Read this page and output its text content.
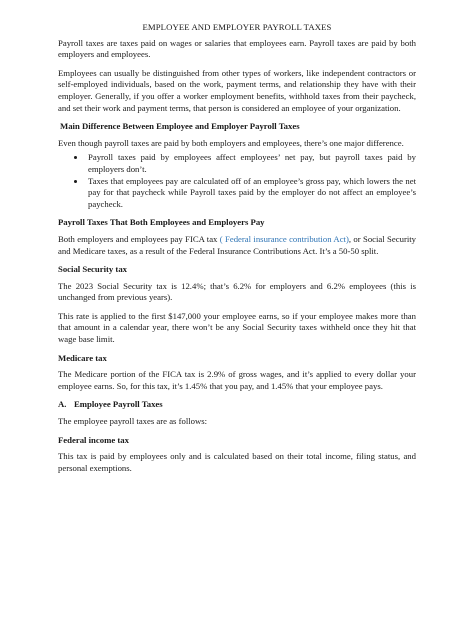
EMPLOYEE AND EMPLOYER PAYROLL TAXES

Payroll taxes are taxes paid on wages or salaries that employees earn. Payroll taxes are paid by both employers and employees.

Employees can usually be distinguished from other types of workers, like independent contractors or self-employed individuals, based on the work, payment terms, and relationship they have with their employer. Generally, if you offer a worker employment benefits, withhold taxes from their paycheck, and set their work and payment terms, that person is considered an employee of your organization.

Main Difference Between Employee and Employer Payroll Taxes

Even though payroll taxes are paid by both employers and employees, there’s one major difference.

• Payroll taxes paid by employees affect employees’ net pay, but payroll taxes paid by employers don’t.
• Taxes that employees pay are calculated off of an employee’s gross pay, which lowers the net pay for that paycheck while Payroll taxes paid by the employer do not affect an employee’s paycheck.
Payroll Taxes That Both Employees and Employers Pay

Both employers and employees pay FICA tax ( Federal insurance contribution Act), or Social Security and Medicare taxes, as a result of the Federal Insurance Contributions Act. It’s a 50-50 split.

Social Security tax

The 2023 Social Security tax is 12.4%; that’s 6.2% for employers and 6.2% employees (this is unchanged from previous years).

This rate is applied to the first $147,000 your employee earns, so if your employee makes more than that amount in a calendar year, there won’t be any Social Security taxes withheld once they hit that wage base limit.

Medicare tax

The Medicare portion of the FICA tax is 2.9% of gross wages, and it’s applied to every dollar your employee earns. So, for this tax, it’s 1.45% that you pay, and 1.45% that your employee pays.

A. Employee Payroll Taxes

The employee payroll taxes are as follows:

Federal income tax

This tax is paid by employees only and is calculated based on their total income, filing status, and personal exemptions.
